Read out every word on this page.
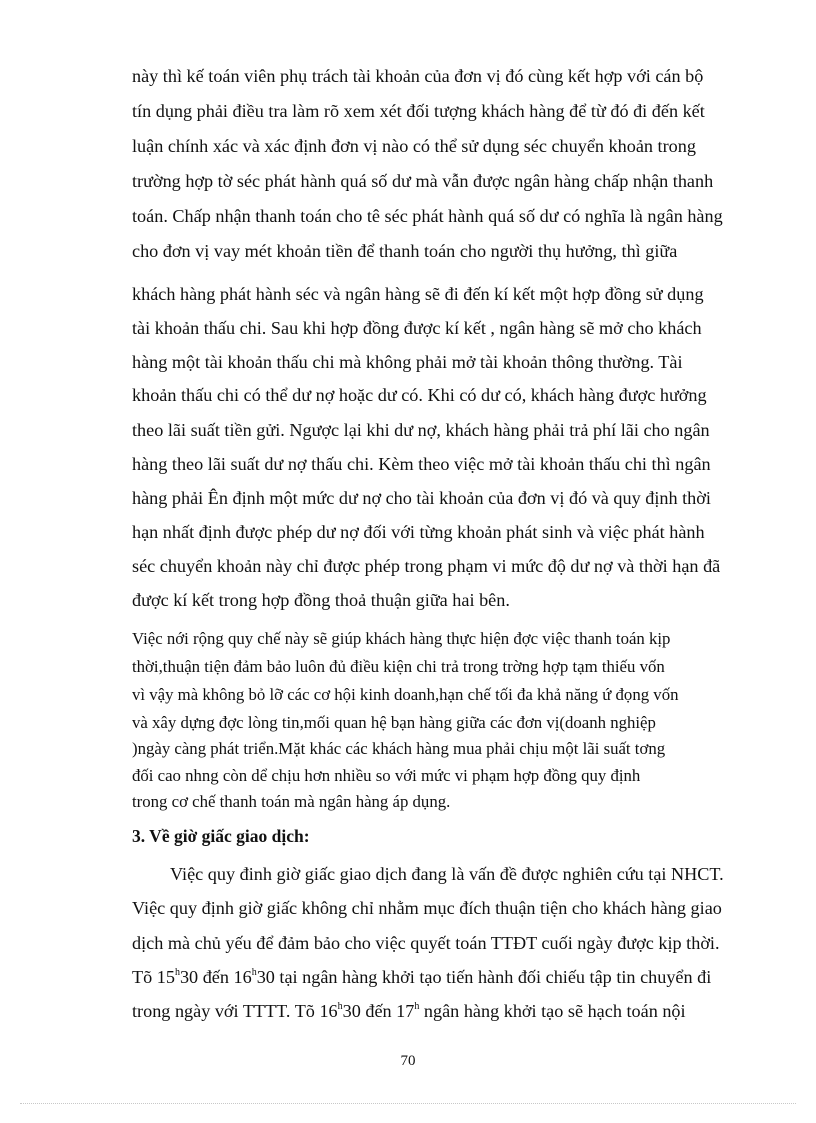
này thì kế toán viên phụ trách tài khoản của đơn vị đó cùng kết hợp với cán bộ
tín dụng phải điều tra làm rõ xem xét đối tượng khách hàng để từ đó đi đến kết
luận chính xác và xác định đơn vị nào có thể sử dụng séc chuyển khoản trong
trường hợp tờ séc phát hành quá số dư mà vẫn được ngân hàng chấp nhận thanh
toán. Chấp nhận thanh toán cho tê séc phát hành quá số dư có nghĩa là ngân hàng
cho đơn vị vay mét khoản tiền để thanh toán cho người thụ hưởng, thì giữa
khách hàng phát hành séc và ngân hàng sẽ đi đến kí kết một hợp đồng sử dụng
tài khoản thấu chi. Sau khi hợp đồng được kí kết , ngân hàng sẽ mở cho khách
hàng một tài khoản thấu chi mà không phải mở tài khoản thông thường. Tài
khoản thấu chi có thể dư nợ hoặc dư có. Khi có dư có, khách hàng được hưởng
theo lãi suất tiền gửi. Ngược lại khi dư nợ, khách hàng phải trả phí lãi cho ngân
hàng theo lãi suất dư nợ thấu chi. Kèm theo việc mở tài khoản thấu chi thì ngân
hàng phải Ên định một mức dư nợ cho tài khoản của đơn vị đó và quy định thời
hạn nhất định được phép dư nợ đối với từng khoản phát sinh và việc phát hành
séc chuyển khoản này chỉ được phép trong phạm vi mức độ dư nợ và thời hạn đã
được kí kết trong hợp đồng thoả thuận giữa hai bên.
Việc nới rộng quy chế này sẽ giúp khách hàng thực hiện đợc việc thanh toán kịp
thời,thuận tiện đảm bảo luôn đủ điều kiện chi trả trong trờng hợp tạm thiếu vốn
vì vậy mà không bỏ lỡ các cơ hội kinh doanh,hạn chế tối đa khả năng ứ đọng vốn
và xây dựng đợc lòng tin,mối quan hệ bạn hàng giữa các đơn vị(doanh nghiệp
)ngày càng phát triển.Mặt khác các khách hàng mua phải chịu một lãi suất tơng
đối cao nhng còn dể chịu hơn nhiều so với mức vi phạm hợp đồng quy định
trong cơ chế thanh toán mà ngân hàng áp dụng.
3. Về giờ giấc giao dịch:
Việc quy đinh giờ giấc giao dịch đang là vấn đề được nghiên cứu tại NHCT.
Việc quy định giờ giấc không chỉ nhằm mục đích thuận tiện cho khách hàng giao
dịch mà chủ yếu để đảm bảo cho việc quyết toán TTĐT cuối ngày được kịp thời.
Tõ 15$^h$30 đến 16$^h$30 tại ngân hàng khởi tạo tiến hành đối chiếu tập tin chuyển đi
trong ngày với TTTT. Tõ 16$^h$30 đến 17$^h$ ngân hàng khởi tạo sẽ hạch toán nội
70
